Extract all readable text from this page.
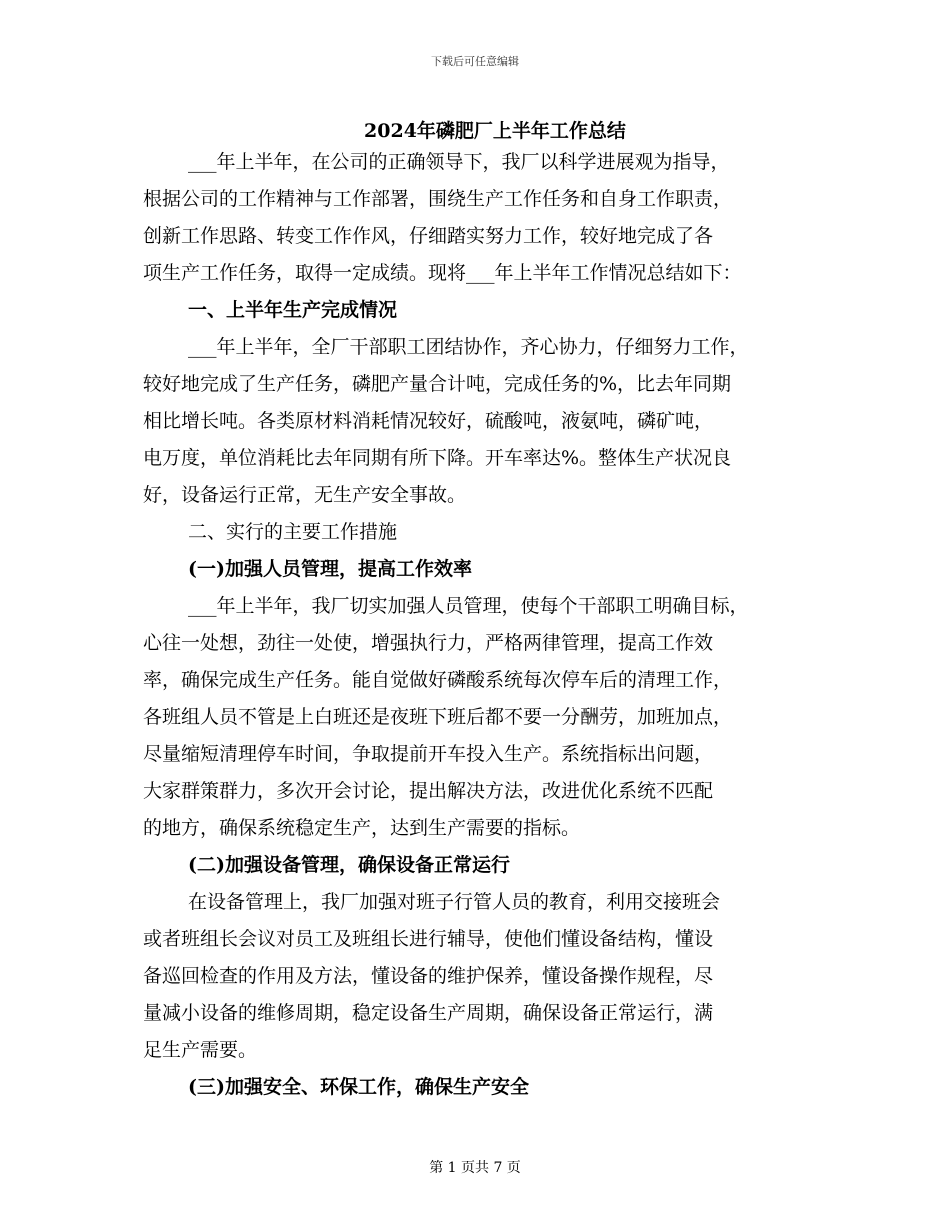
下载后可任意编辑
2024年磷肥厂上半年工作总结
___年上半年，在公司的正确领导下，我厂以科学进展观为指导，
根据公司的工作精神与工作部署，围绕生产工作任务和自身工作职责，
创新工作思路、转变工作作风，仔细踏实努力工作，较好地完成了各
项生产工作任务，取得一定成绩。现将___年上半年工作情况总结如下：
一、上半年生产完成情况
___年上半年，全厂干部职工团结协作，齐心协力，仔细努力工作，
较好地完成了生产任务，磷肥产量合计吨，完成任务的%，比去年同期
相比增长吨。各类原材料消耗情况较好，硫酸吨，液氨吨，磷矿吨，
电万度，单位消耗比去年同期有所下降。开车率达%。整体生产状况良
好，设备运行正常，无生产安全事故。
二、实行的主要工作措施
(一)加强人员管理，提高工作效率
___年上半年，我厂切实加强人员管理，使每个干部职工明确目标，
心往一处想，劲往一处使，增强执行力，严格两律管理，提高工作效
率，确保完成生产任务。能自觉做好磷酸系统每次停车后的清理工作，
各班组人员不管是上白班还是夜班下班后都不要一分酬劳，加班加点，
尽量缩短清理停车时间，争取提前开车投入生产。系统指标出问题，
大家群策群力，多次开会讨论，提出解决方法，改进优化系统不匹配
的地方，确保系统稳定生产，达到生产需要的指标。
(二)加强设备管理，确保设备正常运行
在设备管理上，我厂加强对班子行管人员的教育，利用交接班会
或者班组长会议对员工及班组长进行辅导，使他们懂设备结构，懂设
备巡回检查的作用及方法，懂设备的维护保养，懂设备操作规程，尽
量减小设备的维修周期，稳定设备生产周期，确保设备正常运行，满
足生产需要。
(三)加强安全、环保工作，确保生产安全
第 1 页共 7 页
